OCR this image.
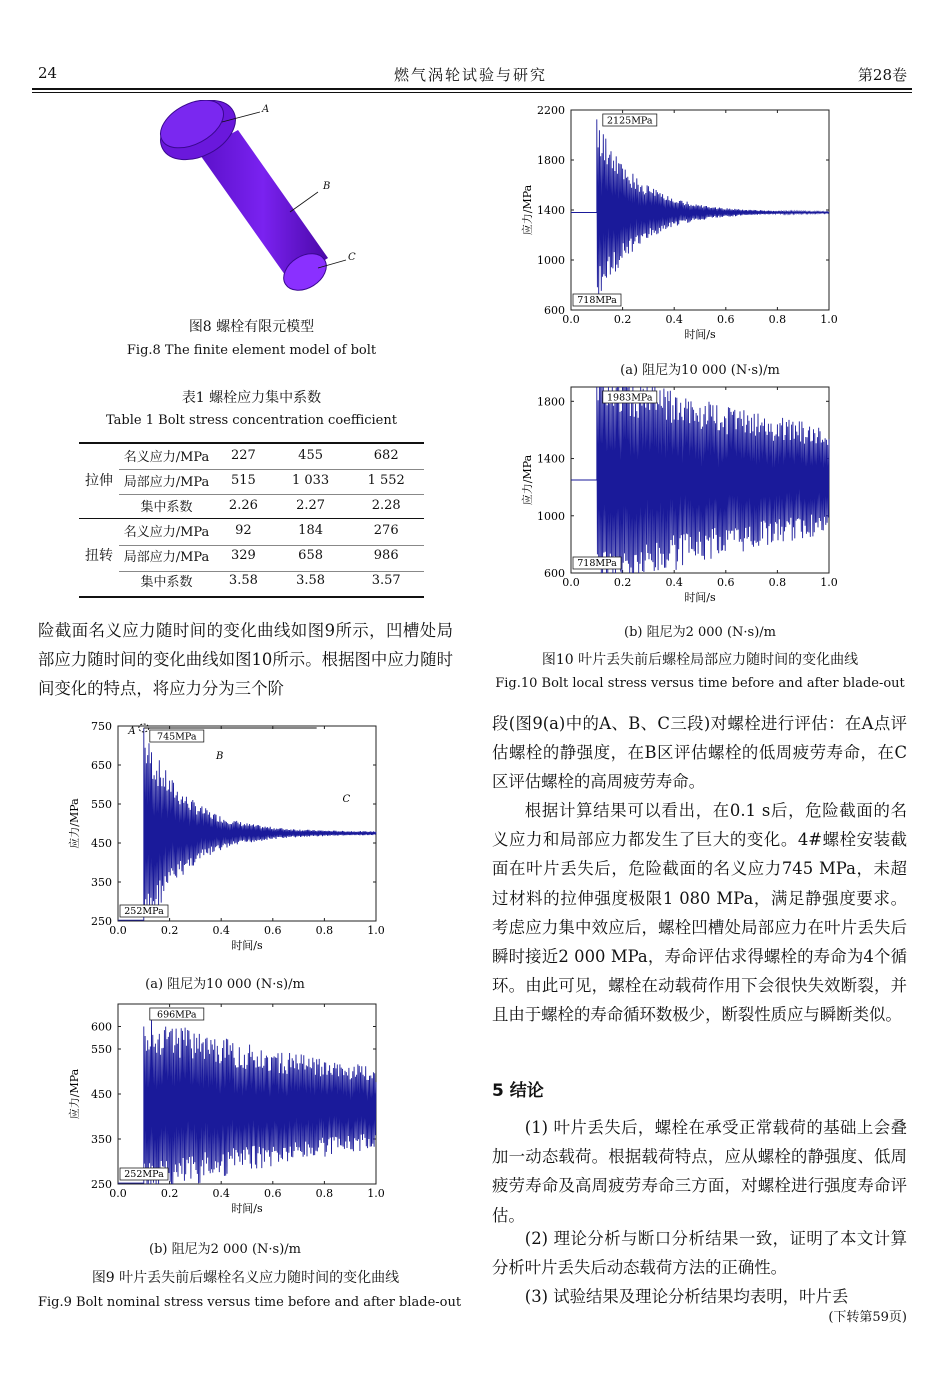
24	燃气涡轮试验与研究	第28卷
A
B
C
图8 螺栓有限元模型
Fig.8 The finite element model of bolt
表1 螺栓应力集中系数
Table 1 Bolt stress concentration coefficient
拉伸	名义应力/MPa	227	455	682
	局部应力/MPa	515	1 033	1 552
	集中系数	2.26	2.27	2.28
扭转	名义应力/MPa	92	184	276
	局部应力/MPa	329	658	986
	集中系数	3.58	3.58	3.57
险截面名义应力随时间的变化曲线如图9所示，凹槽处局部应力随时间的变化曲线如图10所示。根据图中应力随时间变化的特点，将应力分为三个阶
0.0	0.2	0.4	0.6	0.8	1.0
250
350
450
550
650
750
时间/s
应力/MPa
745MPa
252MPa
A
B
C
(a) 阻尼为10 000 (N·s)/m
0.0	0.2	0.4	0.6	0.8	1.0
250
350
450
550
600
时间/s
应力/MPa
696MPa
252MPa
(b) 阻尼为2 000 (N·s)/m
图9 叶片丢失前后螺栓名义应力随时间的变化曲线
Fig.9 Bolt nominal stress versus time before and after blade-out
0.0	0.2	0.4	0.6	0.8	1.0
600
1000
1400
1800
2200
时间/s
应力/MPa
2125MPa
718MPa
(a) 阻尼为10 000 (N·s)/m
0.0	0.2	0.4	0.6	0.8	1.0
600
1000
1400
1800
时间/s
应力/MPa
1983MPa
718MPa
(b) 阻尼为2 000 (N·s)/m
图10 叶片丢失前后螺栓局部应力随时间的变化曲线
Fig.10 Bolt local stress versus time before and after blade-out
段(图9(a)中的A、B、C三段)对螺栓进行评估：在A点评估螺栓的静强度，在B区评估螺栓的低周疲劳寿命，在C区评估螺栓的高周疲劳寿命。
根据计算结果可以看出，在0.1 s后，危险截面的名义应力和局部应力都发生了巨大的变化。4#螺栓安装截面在叶片丢失后，危险截面的名义应力745 MPa，未超过材料的拉伸强度极限1 080 MPa，满足静强度要求。考虑应力集中效应后，螺栓凹槽处局部应力在叶片丢失后瞬时接近2 000 MPa，寿命评估求得螺栓的寿命为4个循环。由此可见，螺栓在动载荷作用下会很快失效断裂，并且由于螺栓的寿命循环数极少，断裂性质应与瞬断类似。
5 结论
(1) 叶片丢失后，螺栓在承受正常载荷的基础上会叠加一动态载荷。根据载荷特点，应从螺栓的静强度、低周疲劳寿命及高周疲劳寿命三方面，对螺栓进行强度寿命评估。
(2) 理论分析与断口分析结果一致，证明了本文计算分析叶片丢失后动态载荷方法的正确性。
(3) 试验结果及理论分析结果均表明，叶片丢
(下转第59页)
